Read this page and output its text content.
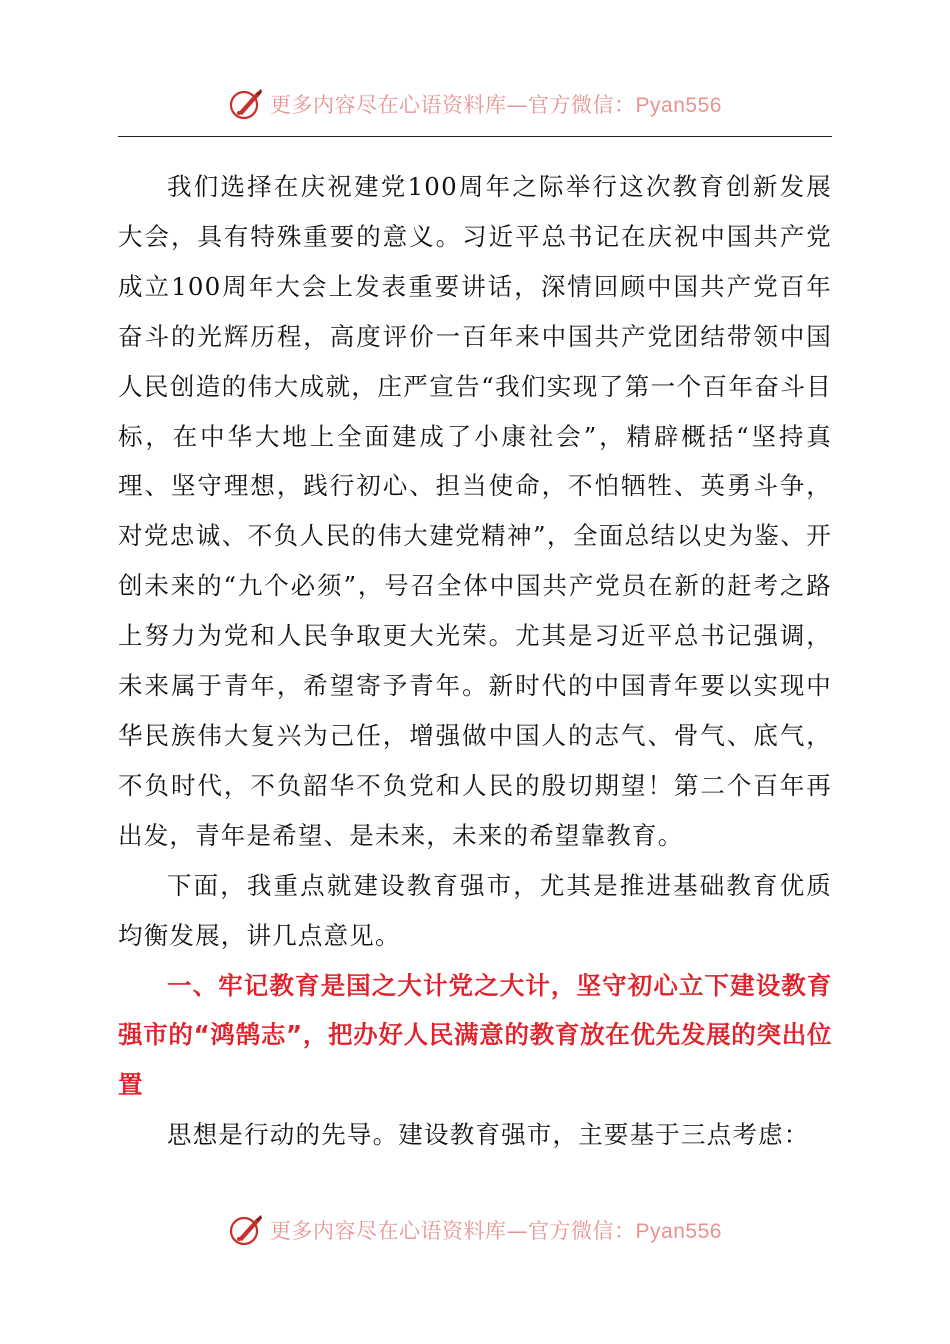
更多内容尽在心语资料库—官方微信：Pyan556

我们选择在庆祝建党100周年之际举行这次教育创新发展大会，具有特殊重要的意义。习近平总书记在庆祝中国共产党成立100周年大会上发表重要讲话，深情回顾中国共产党百年奋斗的光辉历程，高度评价一百年来中国共产党团结带领中国人民创造的伟大成就，庄严宣告“我们实现了第一个百年奋斗目标，在中华大地上全面建成了小康社会”，精辟概括“坚持真理、坚守理想，践行初心、担当使命，不怕牺牲、英勇斗争，对党忠诚、不负人民的伟大建党精神”，全面总结以史为鉴、开创未来的“九个必须”，号召全体中国共产党员在新的赶考之路上努力为党和人民争取更大光荣。尤其是习近平总书记强调，未来属于青年，希望寄予青年。新时代的中国青年要以实现中华民族伟大复兴为己任，增强做中国人的志气、骨气、底气，不负时代，不负韶华不负党和人民的殷切期望！第二个百年再出发，青年是希望、是未来，未来的希望靠教育。

下面，我重点就建设教育强市，尤其是推进基础教育优质均衡发展，讲几点意见。

一、牢记教育是国之大计党之大计，坚守初心立下建设教育强市的“鸿鹄志”，把办好人民满意的教育放在优先发展的突出位置

思想是行动的先导。建设教育强市，主要基于三点考虑：

更多内容尽在心语资料库—官方微信：Pyan556
